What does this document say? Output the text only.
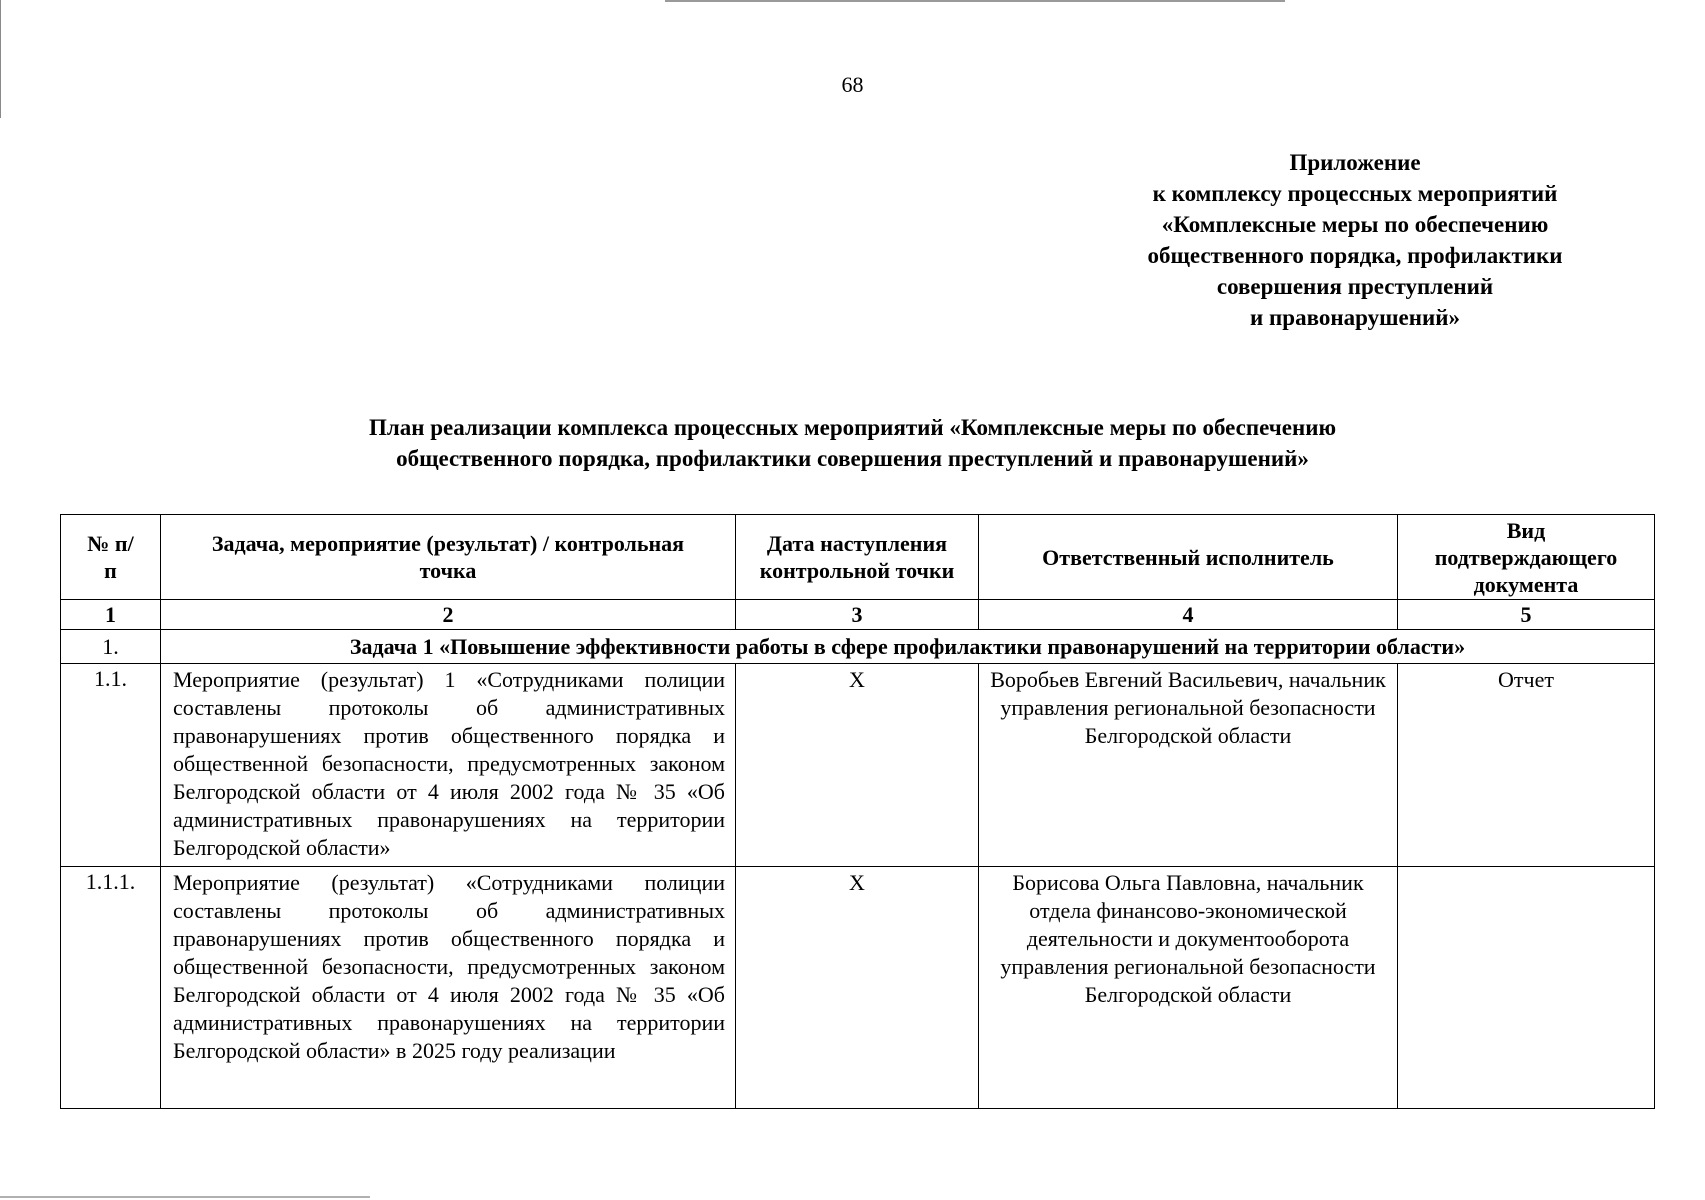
68
Приложение
к комплексу процессных мероприятий
«Комплексные меры по обеспечению
общественного порядка, профилактики
совершения преступлений
и правонарушений»
План реализации комплекса процессных мероприятий «Комплексные меры по обеспечению
общественного порядка, профилактики совершения преступлений и правонарушений»
№ п/п	Задача, мероприятие (результат) / контрольная точка	Дата наступления контрольной точки	Ответственный исполнитель	Вид подтверждающего документа
1	2	3	4	5
1.	Задача 1 «Повышение эффективности работы в сфере профилактики правонарушений на территории области»			
1.1.	Мероприятие (результат) 1 «Сотрудниками полиции составлены протоколы об административных правонарушениях против общественного порядка и общественной безопасности, предусмотренных законом Белгородской области от 4 июля 2002 года № 35 «Об административных правонарушениях на территории Белгородской области»	Х	Воробьев Евгений Васильевич, начальник управления региональной безопасности Белгородской области	Отчет
1.1.1.	Мероприятие (результат) «Сотрудниками полиции составлены протоколы об административных правонарушениях против общественного порядка и общественной безопасности, предусмотренных законом Белгородской области от 4 июля 2002 года № 35 «Об административных правонарушениях на территории Белгородской области» в 2025 году реализации	Х	Борисова Ольга Павловна, начальник отдела финансово-экономической деятельности и документооборота управления региональной безопасности Белгородской области	
